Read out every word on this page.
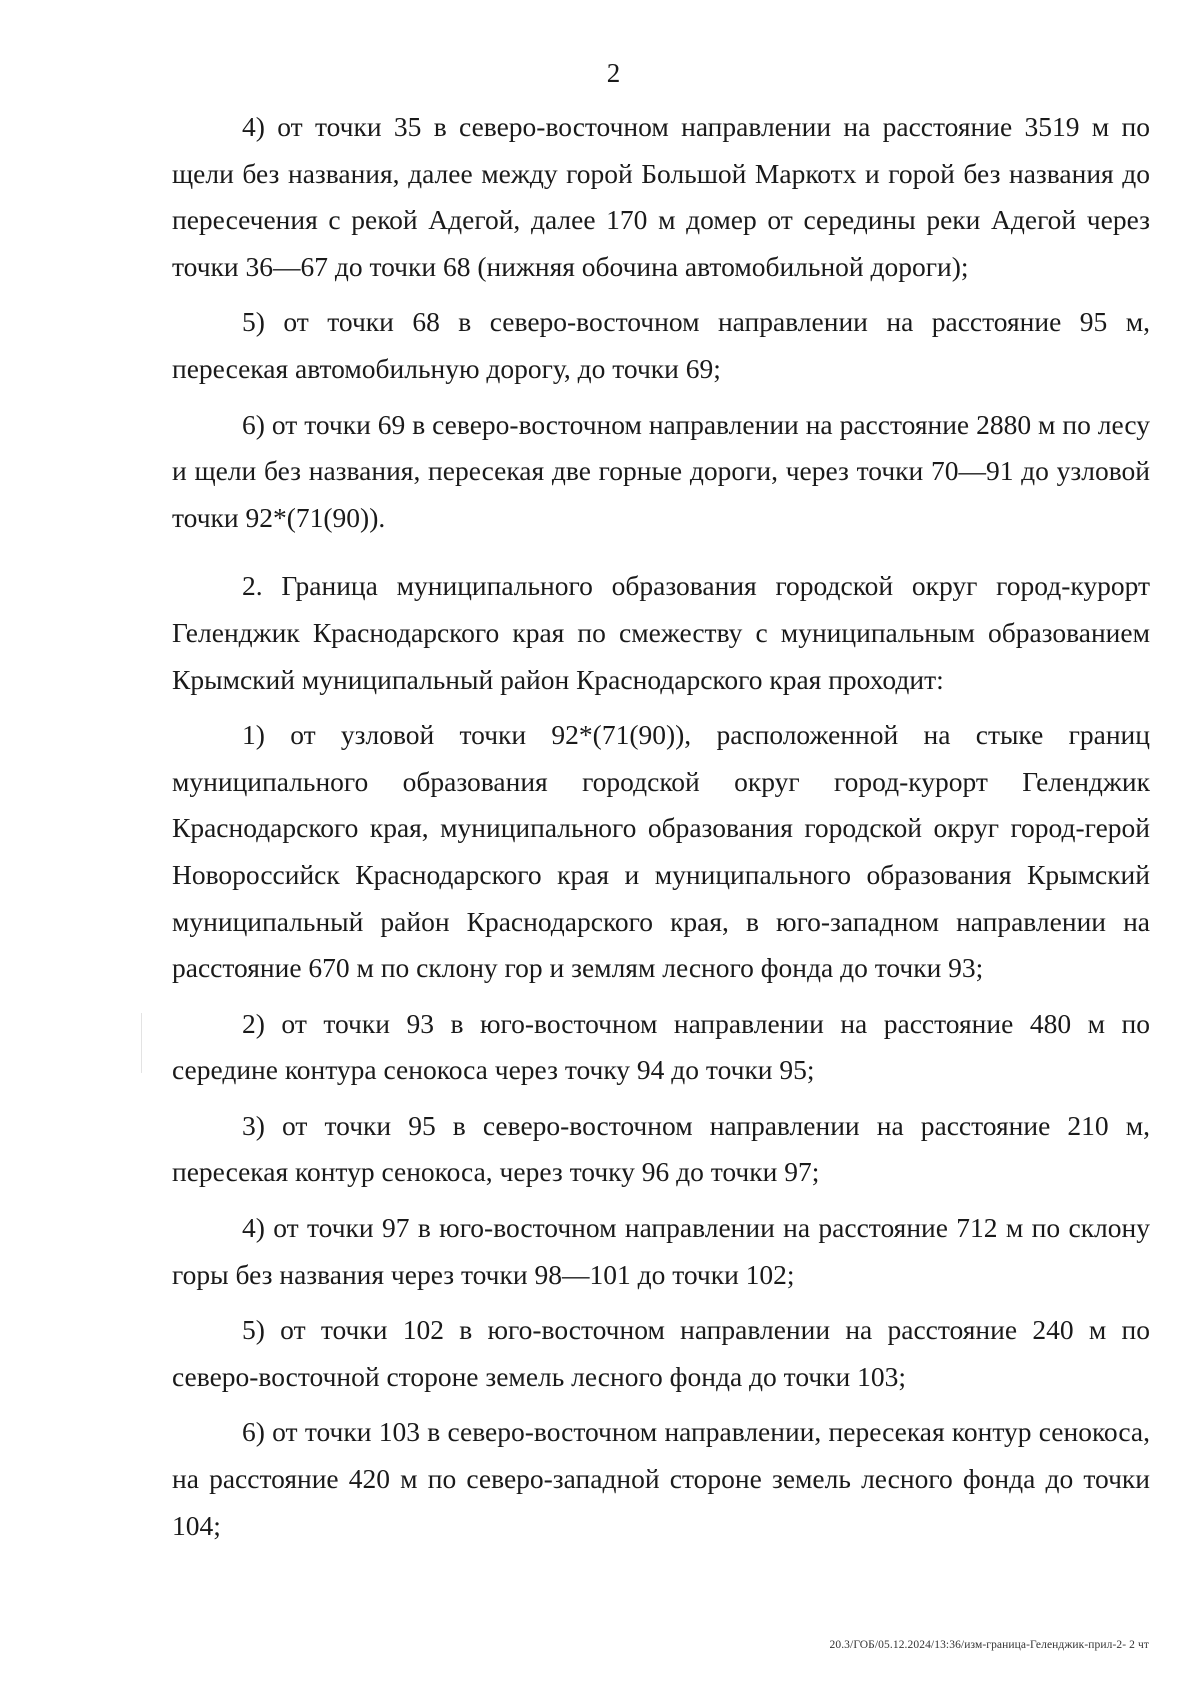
2

4) от точки 35 в северо-восточном направлении на расстояние 3519 м по щели без названия, далее между горой Большой Маркотх и горой без названия до пересечения с рекой Адегой, далее 170 м домер от середины реки Адегой через точки 36—67 до точки 68 (нижняя обочина автомобильной дороги);

5) от точки 68 в северо-восточном направлении на расстояние 95 м, пересекая автомобильную дорогу, до точки 69;

6) от точки 69 в северо-восточном направлении на расстояние 2880 м по лесу и щели без названия, пересекая две горные дороги, через точки 70—91 до узловой точки 92*(71(90)).

2. Граница муниципального образования городской округ город-курорт Геленджик Краснодарского края по смежеству с муниципальным образованием Крымский муниципальный район Краснодарского края проходит:

1) от узловой точки 92*(71(90)), расположенной на стыке границ муниципального образования городской округ город-курорт Геленджик Краснодарского края, муниципального образования городской округ город-герой Новороссийск Краснодарского края и муниципального образования Крымский муниципальный район Краснодарского края, в юго-западном направлении на расстояние 670 м по склону гор и землям лесного фонда до точки 93;

2) от точки 93 в юго-восточном направлении на расстояние 480 м по середине контура сенокоса через точку 94 до точки 95;

3) от точки 95 в северо-восточном направлении на расстояние 210 м, пересекая контур сенокоса, через точку 96 до точки 97;

4) от точки 97 в юго-восточном направлении на расстояние 712 м по склону горы без названия через точки 98—101 до точки 102;

5) от точки 102 в юго-восточном направлении на расстояние 240 м по северо-восточной стороне земель лесного фонда до точки 103;

6) от точки 103 в северо-восточном направлении, пересекая контур сенокоса, на расстояние 420 м по северо-западной стороне земель лесного фонда до точки 104;

20.3/ГОБ/05.12.2024/13:36/изм-граница-Геленджик-прил-2- 2 чт
